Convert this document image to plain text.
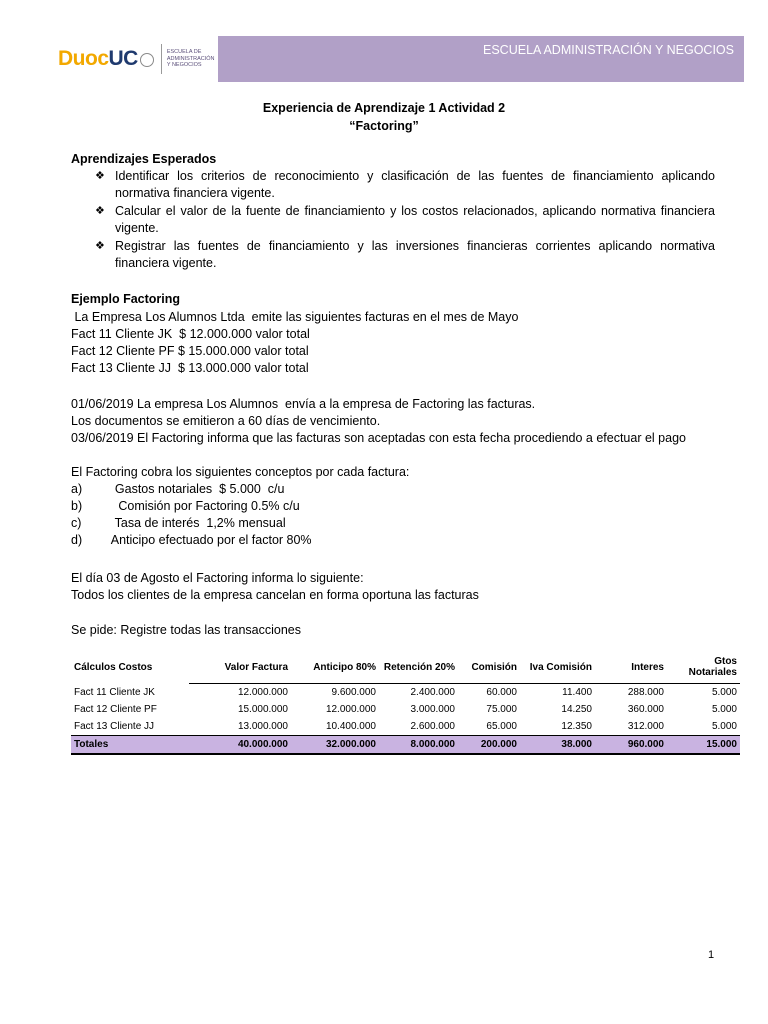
Duoc UC	ESCUELA DE ADMINISTRACIÓN Y NEGOCIOS
ESCUELA ADMINISTRACIÓN Y NEGOCIOS
Experiencia de Aprendizaje 1 Actividad 2
“Factoring”
Aprendizajes Esperados
❖ Identificar los criterios de reconocimiento y clasificación de las fuentes de financiamiento aplicando normativa financiera vigente.
❖ Calcular el valor de la fuente de financiamiento y los costos relacionados, aplicando normativa financiera vigente.
❖ Registrar las fuentes de financiamiento y las inversiones financieras corrientes aplicando normativa financiera vigente.
Ejemplo Factoring
La Empresa Los Alumnos Ltda  emite las siguientes facturas en el mes de Mayo
Fact 11 Cliente JK  $ 12.000.000 valor total
Fact 12 Cliente PF $ 15.000.000 valor total
Fact 13 Cliente JJ  $ 13.000.000 valor total
01/06/2019 La empresa Los Alumnos  envía a la empresa de Factoring las facturas.
Los documentos se emitieron a 60 días de vencimiento.
03/06/2019 El Factoring informa que las facturas son aceptadas con esta fecha procediendo a efectuar el pago
El Factoring cobra los siguientes conceptos por cada factura:
a)	Gastos notariales  $ 5.000  c/u
b)	Comisión por Factoring 0.5% c/u
c)	Tasa de interés  1,2% mensual
d)	Anticipo efectuado por el factor 80%
El día 03 de Agosto el Factoring informa lo siguiente:
Todos los clientes de la empresa cancelan en forma oportuna las facturas
Se pide: Registre todas las transacciones
Cálculos Costos	Valor Factura	Anticipo 80%	Retención 20%	Comisión	Iva Comisión	Interes	Gtos Notariales
Fact 11 Cliente JK	12.000.000	9.600.000	2.400.000	60.000	11.400	288.000	5.000
Fact 12 Cliente PF	15.000.000	12.000.000	3.000.000	75.000	14.250	360.000	5.000
Fact 13 Cliente JJ	13.000.000	10.400.000	2.600.000	65.000	12.350	312.000	5.000
Totales	40.000.000	32.000.000	8.000.000	200.000	38.000	960.000	15.000
1
